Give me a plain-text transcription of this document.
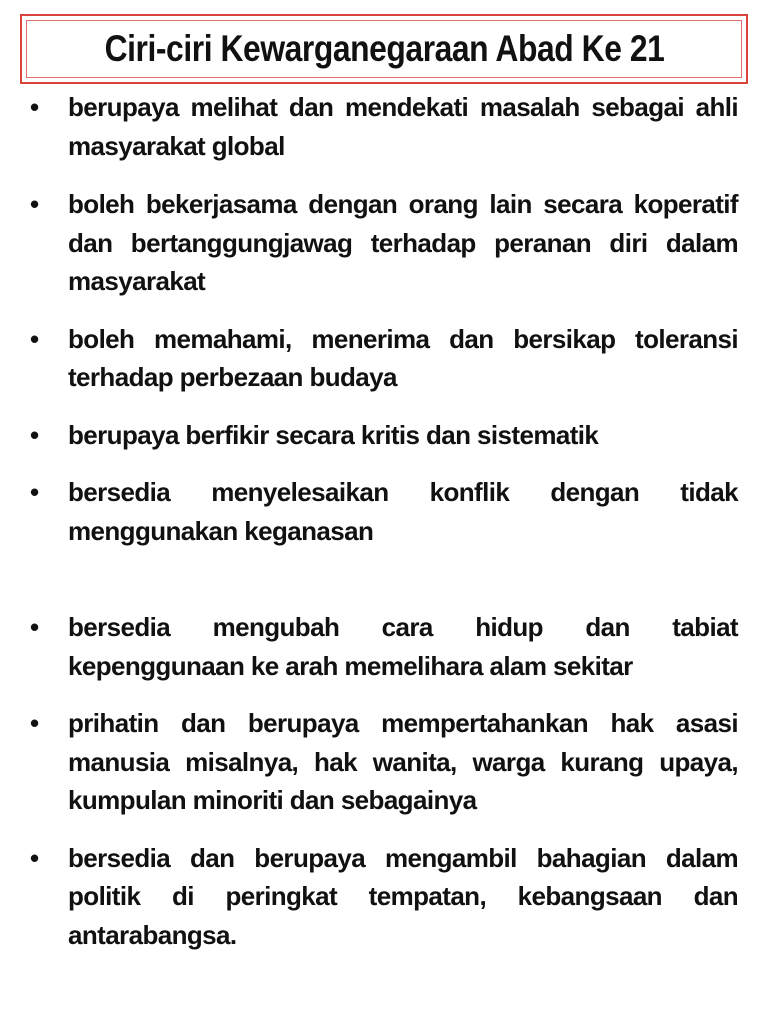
Ciri-ciri Kewarganegaraan Abad Ke 21
• berupaya melihat dan mendekati masalah sebagai ahli masyarakat global
• boleh bekerjasama dengan orang lain secara koperatif dan bertanggungjawag terhadap peranan diri dalam masyarakat
• boleh memahami, menerima dan bersikap toleransi terhadap perbezaan budaya
• berupaya berfikir secara kritis dan sistematik
• bersedia menyelesaikan konflik dengan tidak menggunakan keganasan
• bersedia mengubah cara hidup dan tabiat kepenggunaan ke arah memelihara alam sekitar
• prihatin dan berupaya mempertahankan hak asasi manusia misalnya, hak wanita, warga kurang upaya, kumpulan minoriti dan sebagainya
• bersedia dan berupaya mengambil bahagian dalam politik di peringkat tempatan, kebangsaan dan antarabangsa.
